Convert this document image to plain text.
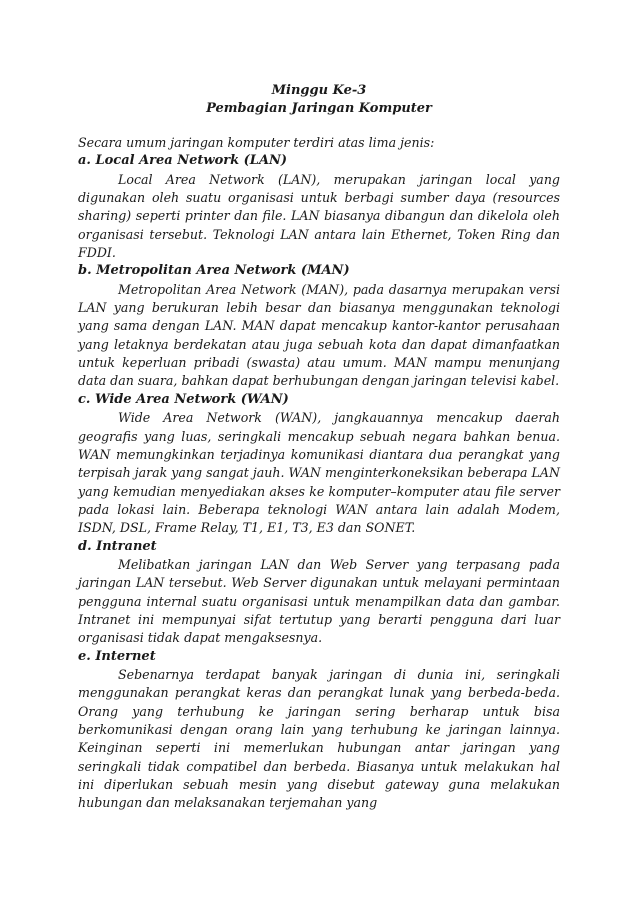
Minggu Ke-3
Pembagian Jaringan Komputer
Secara umum jaringan komputer terdiri atas lima jenis:
a. Local Area Network (LAN)

Local Area Network (LAN), merupakan jaringan local yang digunakan oleh suatu organisasi untuk berbagi sumber daya (resources sharing) seperti printer dan file. LAN biasanya dibangun dan dikelola oleh organisasi tersebut. Teknologi LAN antara lain Ethernet, Token Ring dan FDDI.

b. Metropolitan Area Network (MAN)

Metropolitan Area Network (MAN), pada dasarnya merupakan versi LAN yang berukuran lebih besar dan biasanya menggunakan teknologi yang sama dengan LAN. MAN dapat mencakup kantor-kantor perusahaan yang letaknya berdekatan atau juga sebuah kota dan dapat dimanfaatkan untuk keperluan pribadi (swasta) atau umum. MAN mampu menunjang data dan suara, bahkan dapat berhubungan dengan jaringan televisi kabel.

c. Wide Area Network (WAN)

Wide Area Network (WAN), jangkauannya mencakup daerah geografis yang luas, seringkali mencakup sebuah negara bahkan benua. WAN memungkinkan terjadinya komunikasi diantara dua perangkat yang terpisah jarak yang sangat jauh. WAN menginterkoneksikan beberapa LAN yang kemudian menyediakan akses ke komputer–komputer atau file server pada lokasi lain. Beberapa teknologi WAN antara lain adalah Modem, ISDN, DSL, Frame Relay, T1, E1, T3, E3 dan SONET.

d. Intranet

Melibatkan jaringan LAN dan Web Server yang terpasang pada jaringan LAN tersebut. Web Server digunakan untuk melayani permintaan pengguna internal suatu organisasi untuk menampilkan data dan gambar. Intranet ini mempunyai sifat tertutup yang berarti pengguna dari luar organisasi tidak dapat mengaksesnya.

e. Internet

Sebenarnya terdapat banyak jaringan di dunia ini, seringkali menggunakan perangkat keras dan perangkat lunak yang berbeda-beda. Orang yang terhubung ke jaringan sering berharap untuk bisa berkomunikasi dengan orang lain yang terhubung ke jaringan lainnya. Keinginan seperti ini memerlukan hubungan antar jaringan yang seringkali tidak compatibel dan berbeda. Biasanya untuk melakukan hal ini diperlukan sebuah mesin yang disebut gateway guna melakukan hubungan dan melaksanakan terjemahan yang
